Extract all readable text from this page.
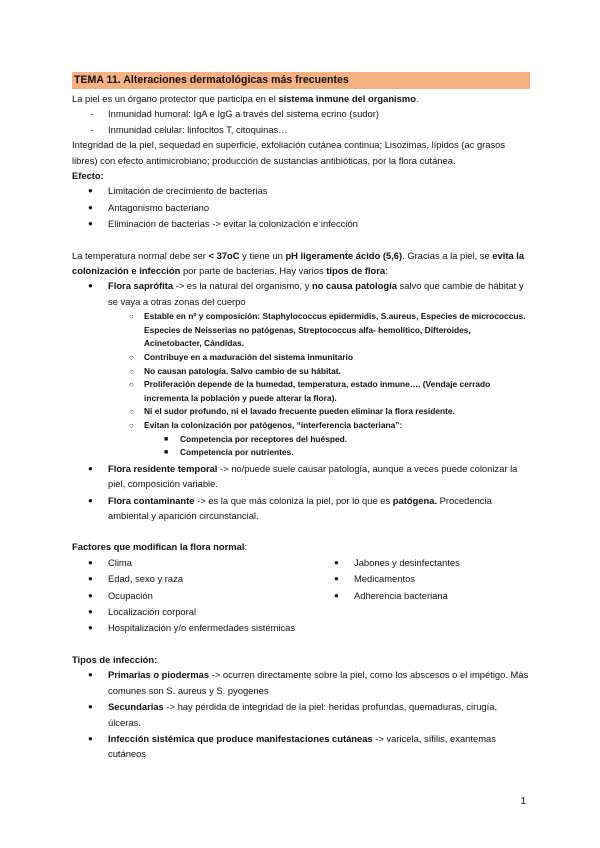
TEMA 11. Alteraciones dermatológicas más frecuentes

La piel es un órgano protector que participa en el sistema inmune del organismo.

- Inmunidad humoral: IgA e IgG a través del sistema ecrino (sudor)
- Inmunidad celular: linfocitos T, citoquinas…

Integridad de la piel, sequedad en superficie, exfoliación cutánea continua; Lisozimas, lípidos (ac grasos libres) con efecto antimicrobiano; producción de sustancias antibióticas, por la flora cutánea.

Efecto:

● Limitación de crecimiento de bacterias
● Antagonismo bacteriano
● Eliminación de bacterias -> evitar la colonización e infección

La temperatura normal debe ser < 37oC y tiene un pH ligeramente ácido (5,6). Gracias a la piel, se evita la colonización e infección por parte de bacterias. Hay varios tipos de flora:

● Flora saprófita -> es la natural del organismo, y no causa patología salvo que cambie de hábitat y se vaya a otras zonas del cuerpo
○ Estable en nº y composición: Staphylococcus epidermidis, S.aureus, Especies de micrococcus. Especies de Neisserias no patógenas, Streptococcus alfa- hemolítico, Difteroides, Acinetobacter, Cándidas.
○ Contribuye en a maduración del sistema inmunitario
○ No causan patología. Salvo cambio de su hábitat.
○ Proliferación depende de la humedad, temperatura, estado inmune…. (Vendaje cerrado incrementa la población y puede alterar la flora).
○ Ni el sudor profundo, ni el lavado frecuente pueden eliminar la flora residente.
○ Evitan la colonización por patógenos, “interferencia bacteriana”:
■ Competencia por receptores del huésped.
■ Competencia por nutrientes.
● Flora residente temporal -> no/puede suele causar patología, aunque a veces puede colonizar la piel, composición variable.
● Flora contaminante -> es la que más coloniza la piel, por lo que es patógena. Procedencia ambiental y aparición circunstancial.

Factores que modifican la flora normal:

● Clima
● Edad, sexo y raza
● Ocupación
● Localización corporal
● Hospitalización y/o enfermedades sistémicas
● Jabones y desinfectantes
● Medicamentos
● Adherencia bacteriana

Tipos de infección:

● Primarias o piodermas -> ocurren directamente sobre la piel, como los abscesos o el impétigo. Más comunes son S. aureus y S. pyogenes
● Secundarias -> hay pérdida de integridad de la piel: heridas profundas, quemaduras, cirugía, úlceras.
● Infección sistémica que produce manifestaciones cutáneas -> varicela, sífilis, exantemas cutáneos
1
